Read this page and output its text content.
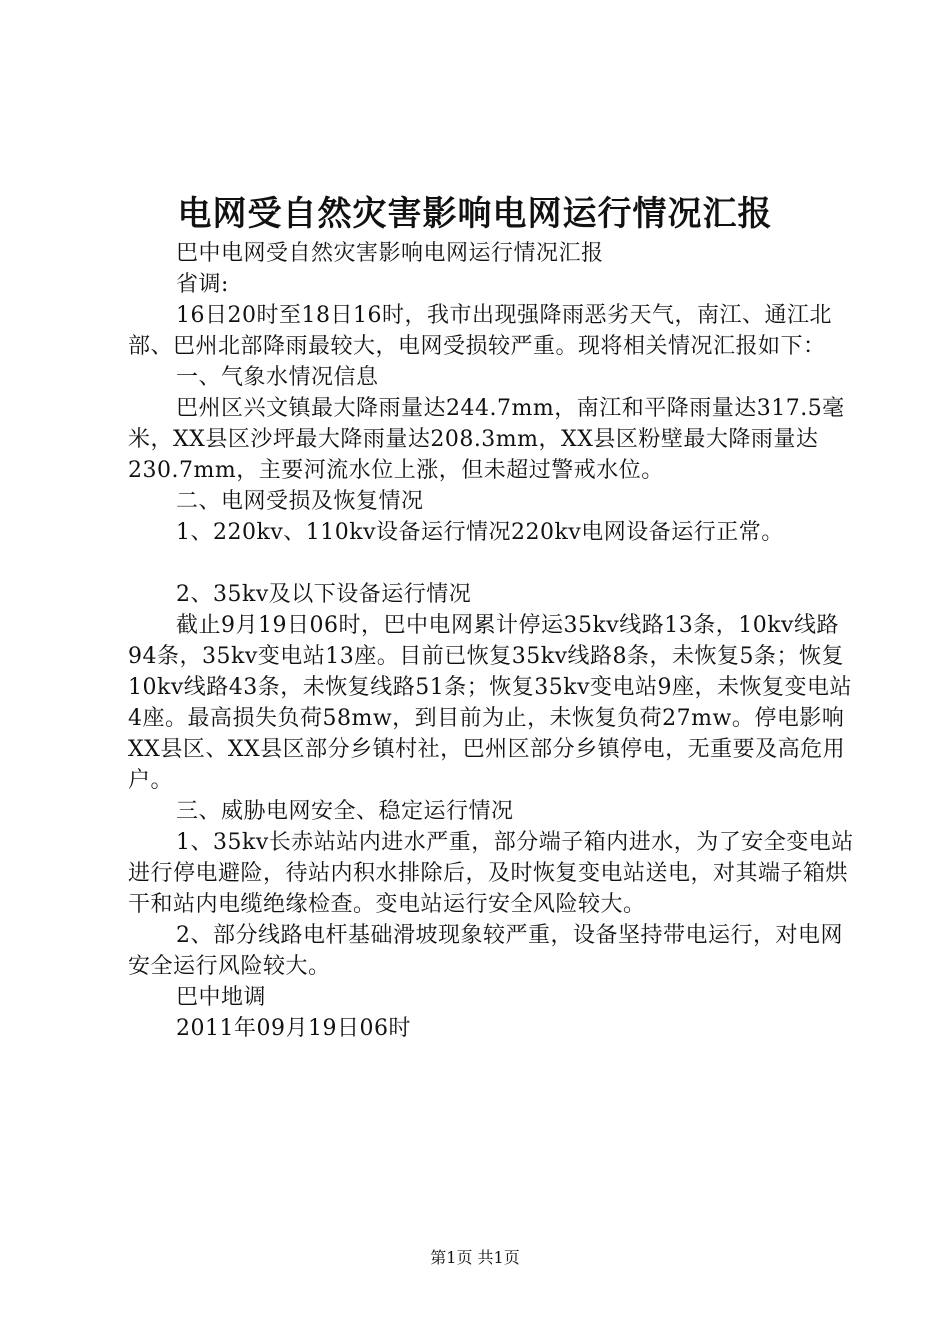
电网受自然灾害影响电网运行情况汇报

巴中电网受自然灾害影响电网运行情况汇报

省调:

16日20时至18日16时，我市出现强降雨恶劣天气，南江、通江北部、巴州北部降雨最较大，电网受损较严重。现将相关情况汇报如下：

一、气象水情况信息

巴州区兴文镇最大降雨量达244.7mm，南江和平降雨量达317.5毫米，XX县区沙坪最大降雨量达208.3mm，XX县区粉壁最大降雨量达230.7mm，主要河流水位上涨，但未超过警戒水位。

二、电网受损及恢复情况

1、220kv、110kv设备运行情况220kv电网设备运行正常。

2、35kv及以下设备运行情况

截止9月19日06时，巴中电网累计停运35kv线路13条，10kv线路94条，35kv变电站13座。目前已恢复35kv线路8条，未恢复5条；恢复10kv线路43条，未恢复线路51条；恢复35kv变电站9座，未恢复变电站4座。最高损失负荷58mw，到目前为止，未恢复负荷27mw。停电影响XX县区、XX县区部分乡镇村社，巴州区部分乡镇停电，无重要及高危用户。

三、威胁电网安全、稳定运行情况

1、35kv长赤站站内进水严重，部分端子箱内进水，为了安全变电站进行停电避险，待站内积水排除后，及时恢复变电站送电，对其端子箱烘干和站内电缆绝缘检查。变电站运行安全风险较大。

2、部分线路电杆基础滑坡现象较严重，设备坚持带电运行，对电网安全运行风险较大。

巴中地调

2011年09月19日06时

第1页 共1页
